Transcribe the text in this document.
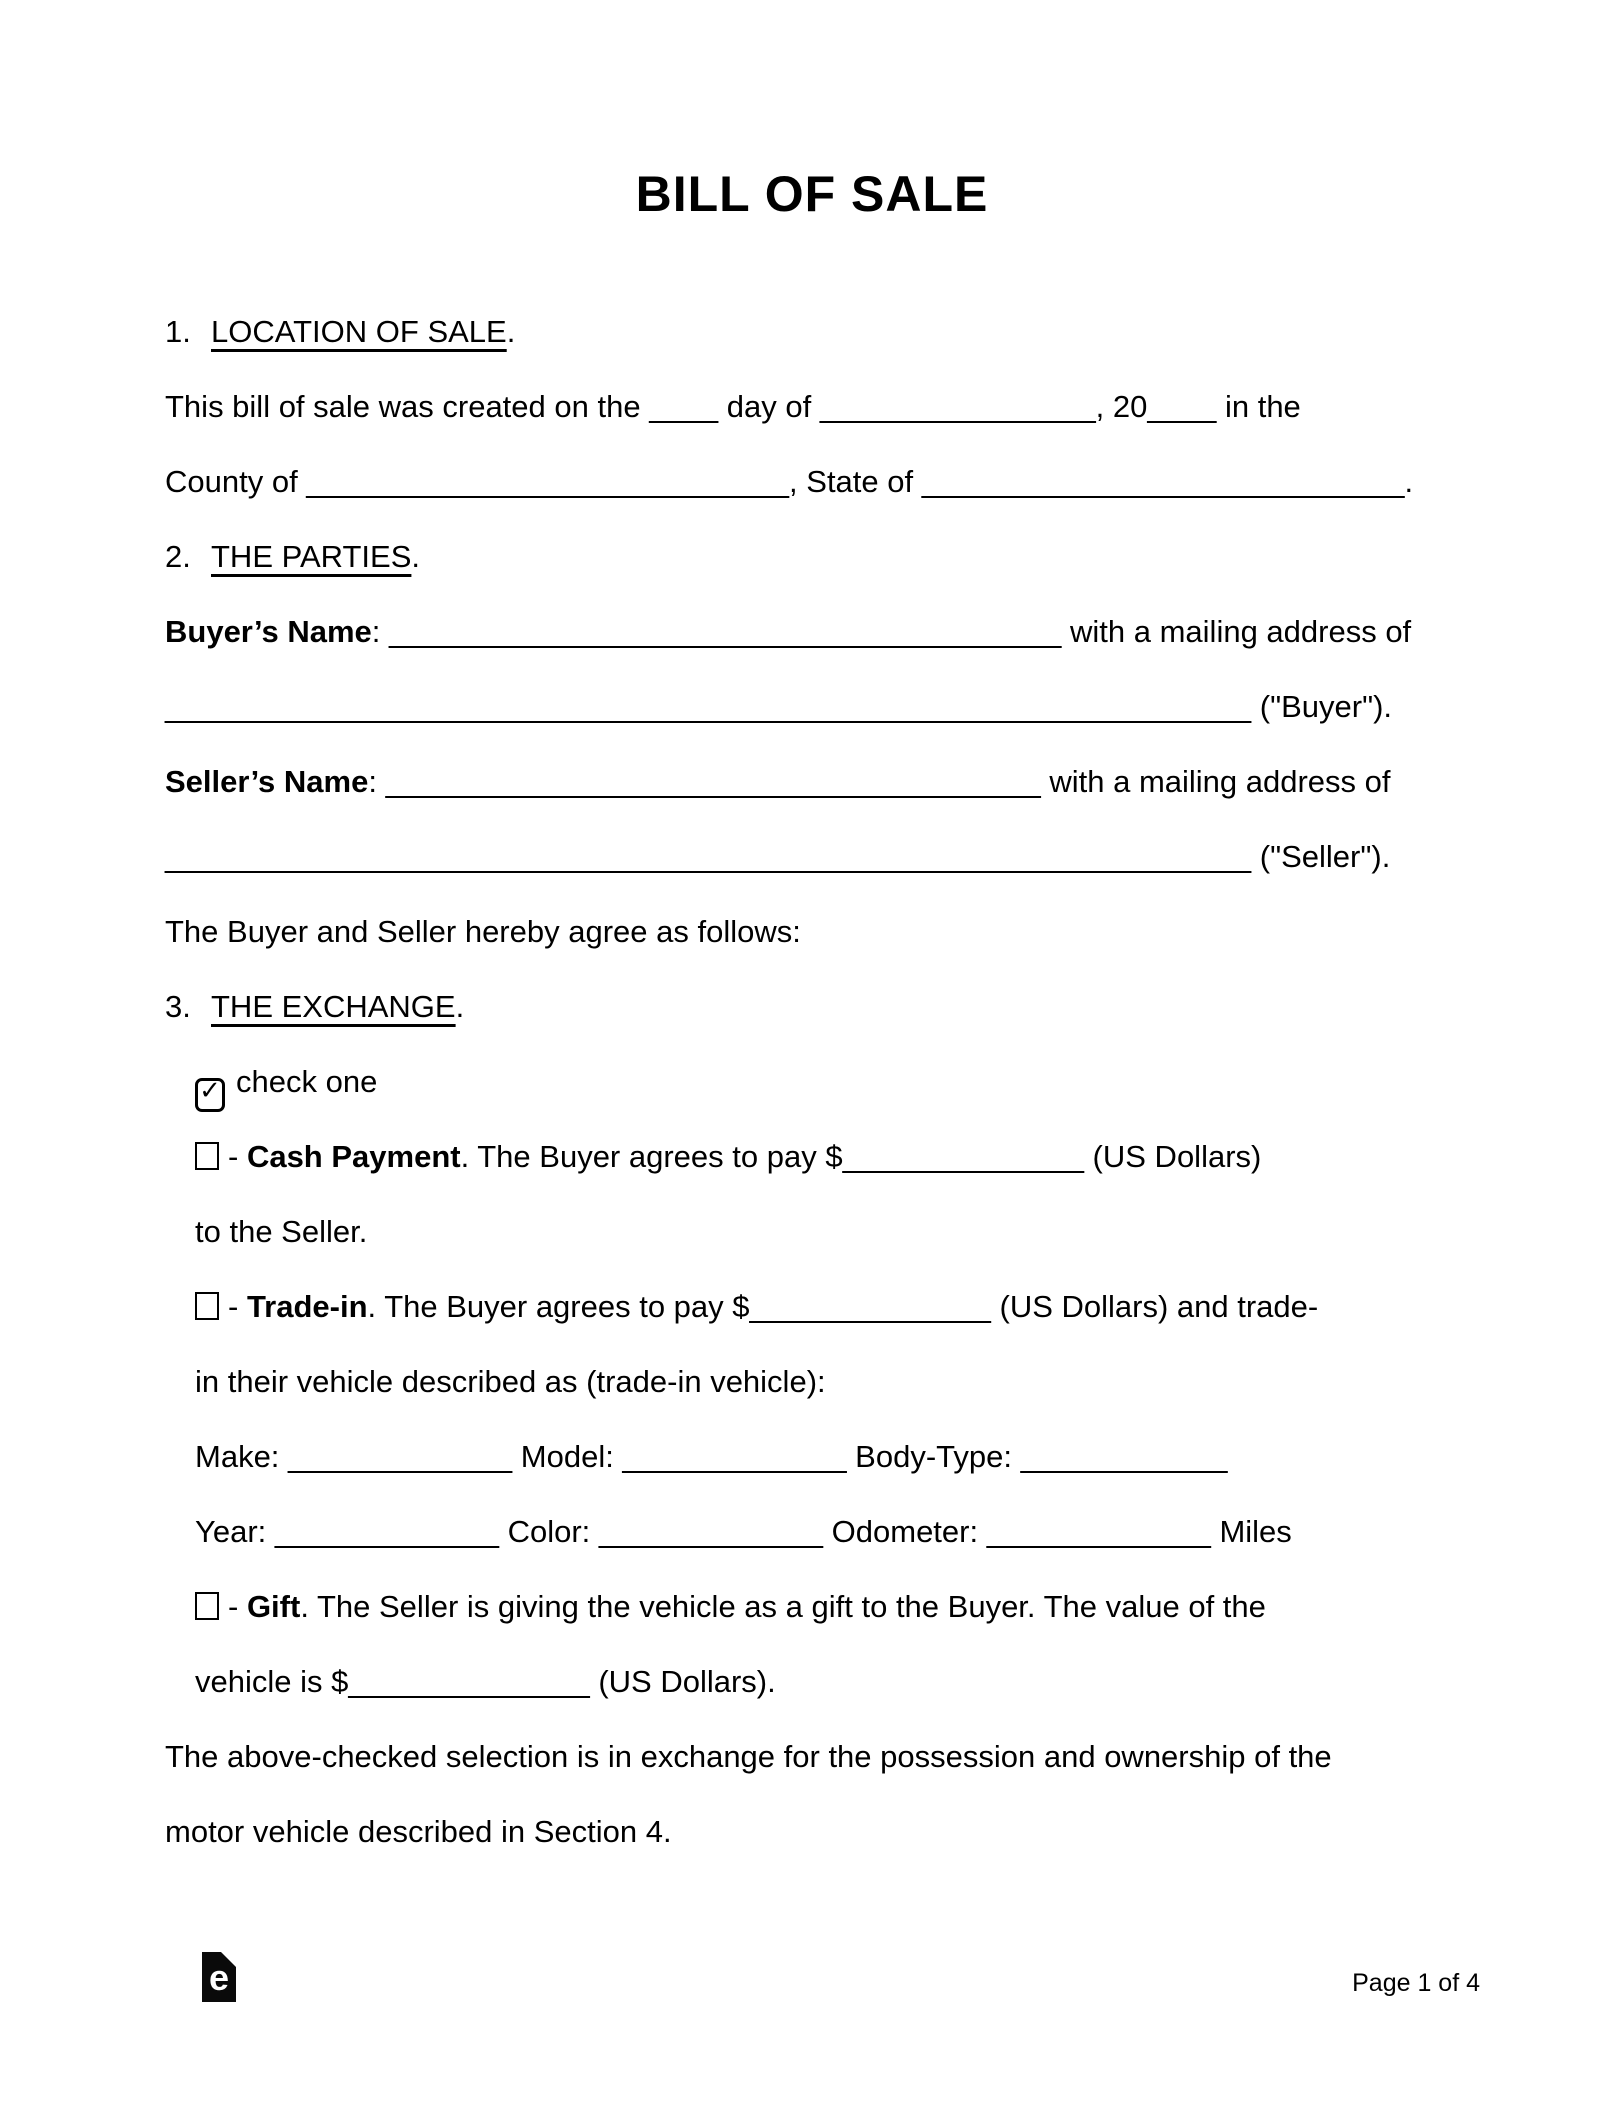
BILL OF SALE
1. LOCATION OF SALE.
This bill of sale was created on the ____ day of ________________, 20____ in the
County of ____________________________, State of ____________________________.
2. THE PARTIES.
Buyer’s Name: _______________________________________ with a mailing address of
_______________________________________________________________ ("Buyer").
Seller’s Name: ______________________________________ with a mailing address of
_______________________________________________________________ ("Seller").
The Buyer and Seller hereby agree as follows:
3. THE EXCHANGE.
✓ check one
- Cash Payment. The Buyer agrees to pay $______________ (US Dollars)
to the Seller.
- Trade-in. The Buyer agrees to pay $______________ (US Dollars) and trade-
in their vehicle described as (trade-in vehicle):
Make: _____________ Model: _____________ Body-Type: ____________
Year: _____________ Color: _____________ Odometer: _____________ Miles
- Gift. The Seller is giving the vehicle as a gift to the Buyer. The value of the
vehicle is $______________ (US Dollars).
The above-checked selection is in exchange for the possession and ownership of the
motor vehicle described in Section 4.
e	Page 1 of 4
